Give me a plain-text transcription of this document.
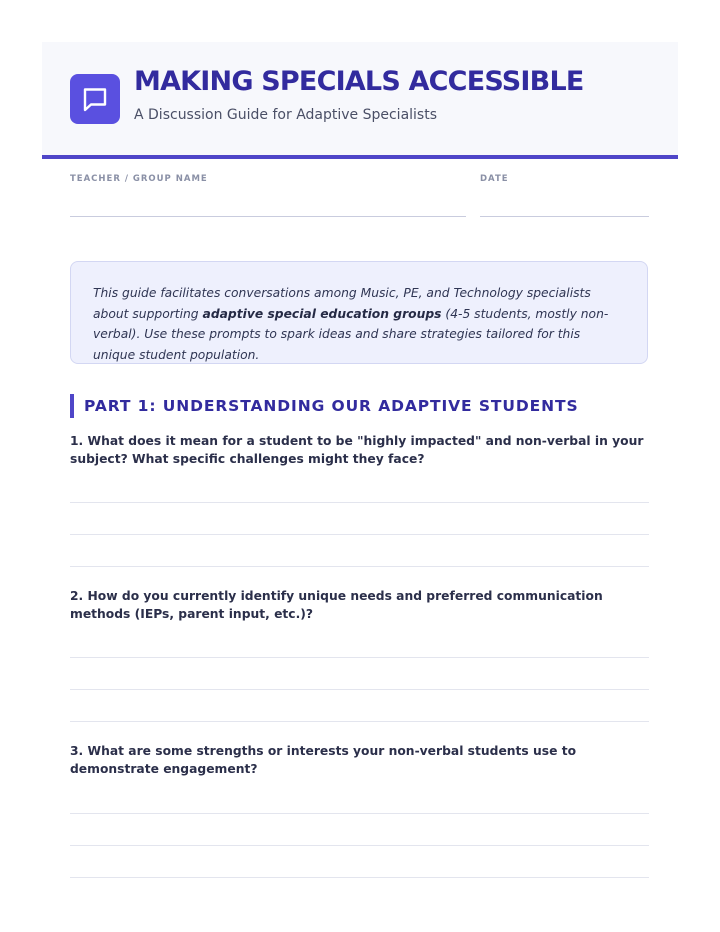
MAKING SPECIALS ACCESSIBLE
A Discussion Guide for Adaptive Specialists
TEACHER / GROUP NAME	DATE
This guide facilitates conversations among Music, PE, and Technology specialists about supporting adaptive special education groups (4-5 students, mostly non-verbal). Use these prompts to spark ideas and share strategies tailored for this unique student population.
PART 1: UNDERSTANDING OUR ADAPTIVE STUDENTS
1. What does it mean for a student to be "highly impacted" and non-verbal in your subject? What specific challenges might they face?
2. How do you currently identify unique needs and preferred communication methods (IEPs, parent input, etc.)?
3. What are some strengths or interests your non-verbal students use to demonstrate engagement?
